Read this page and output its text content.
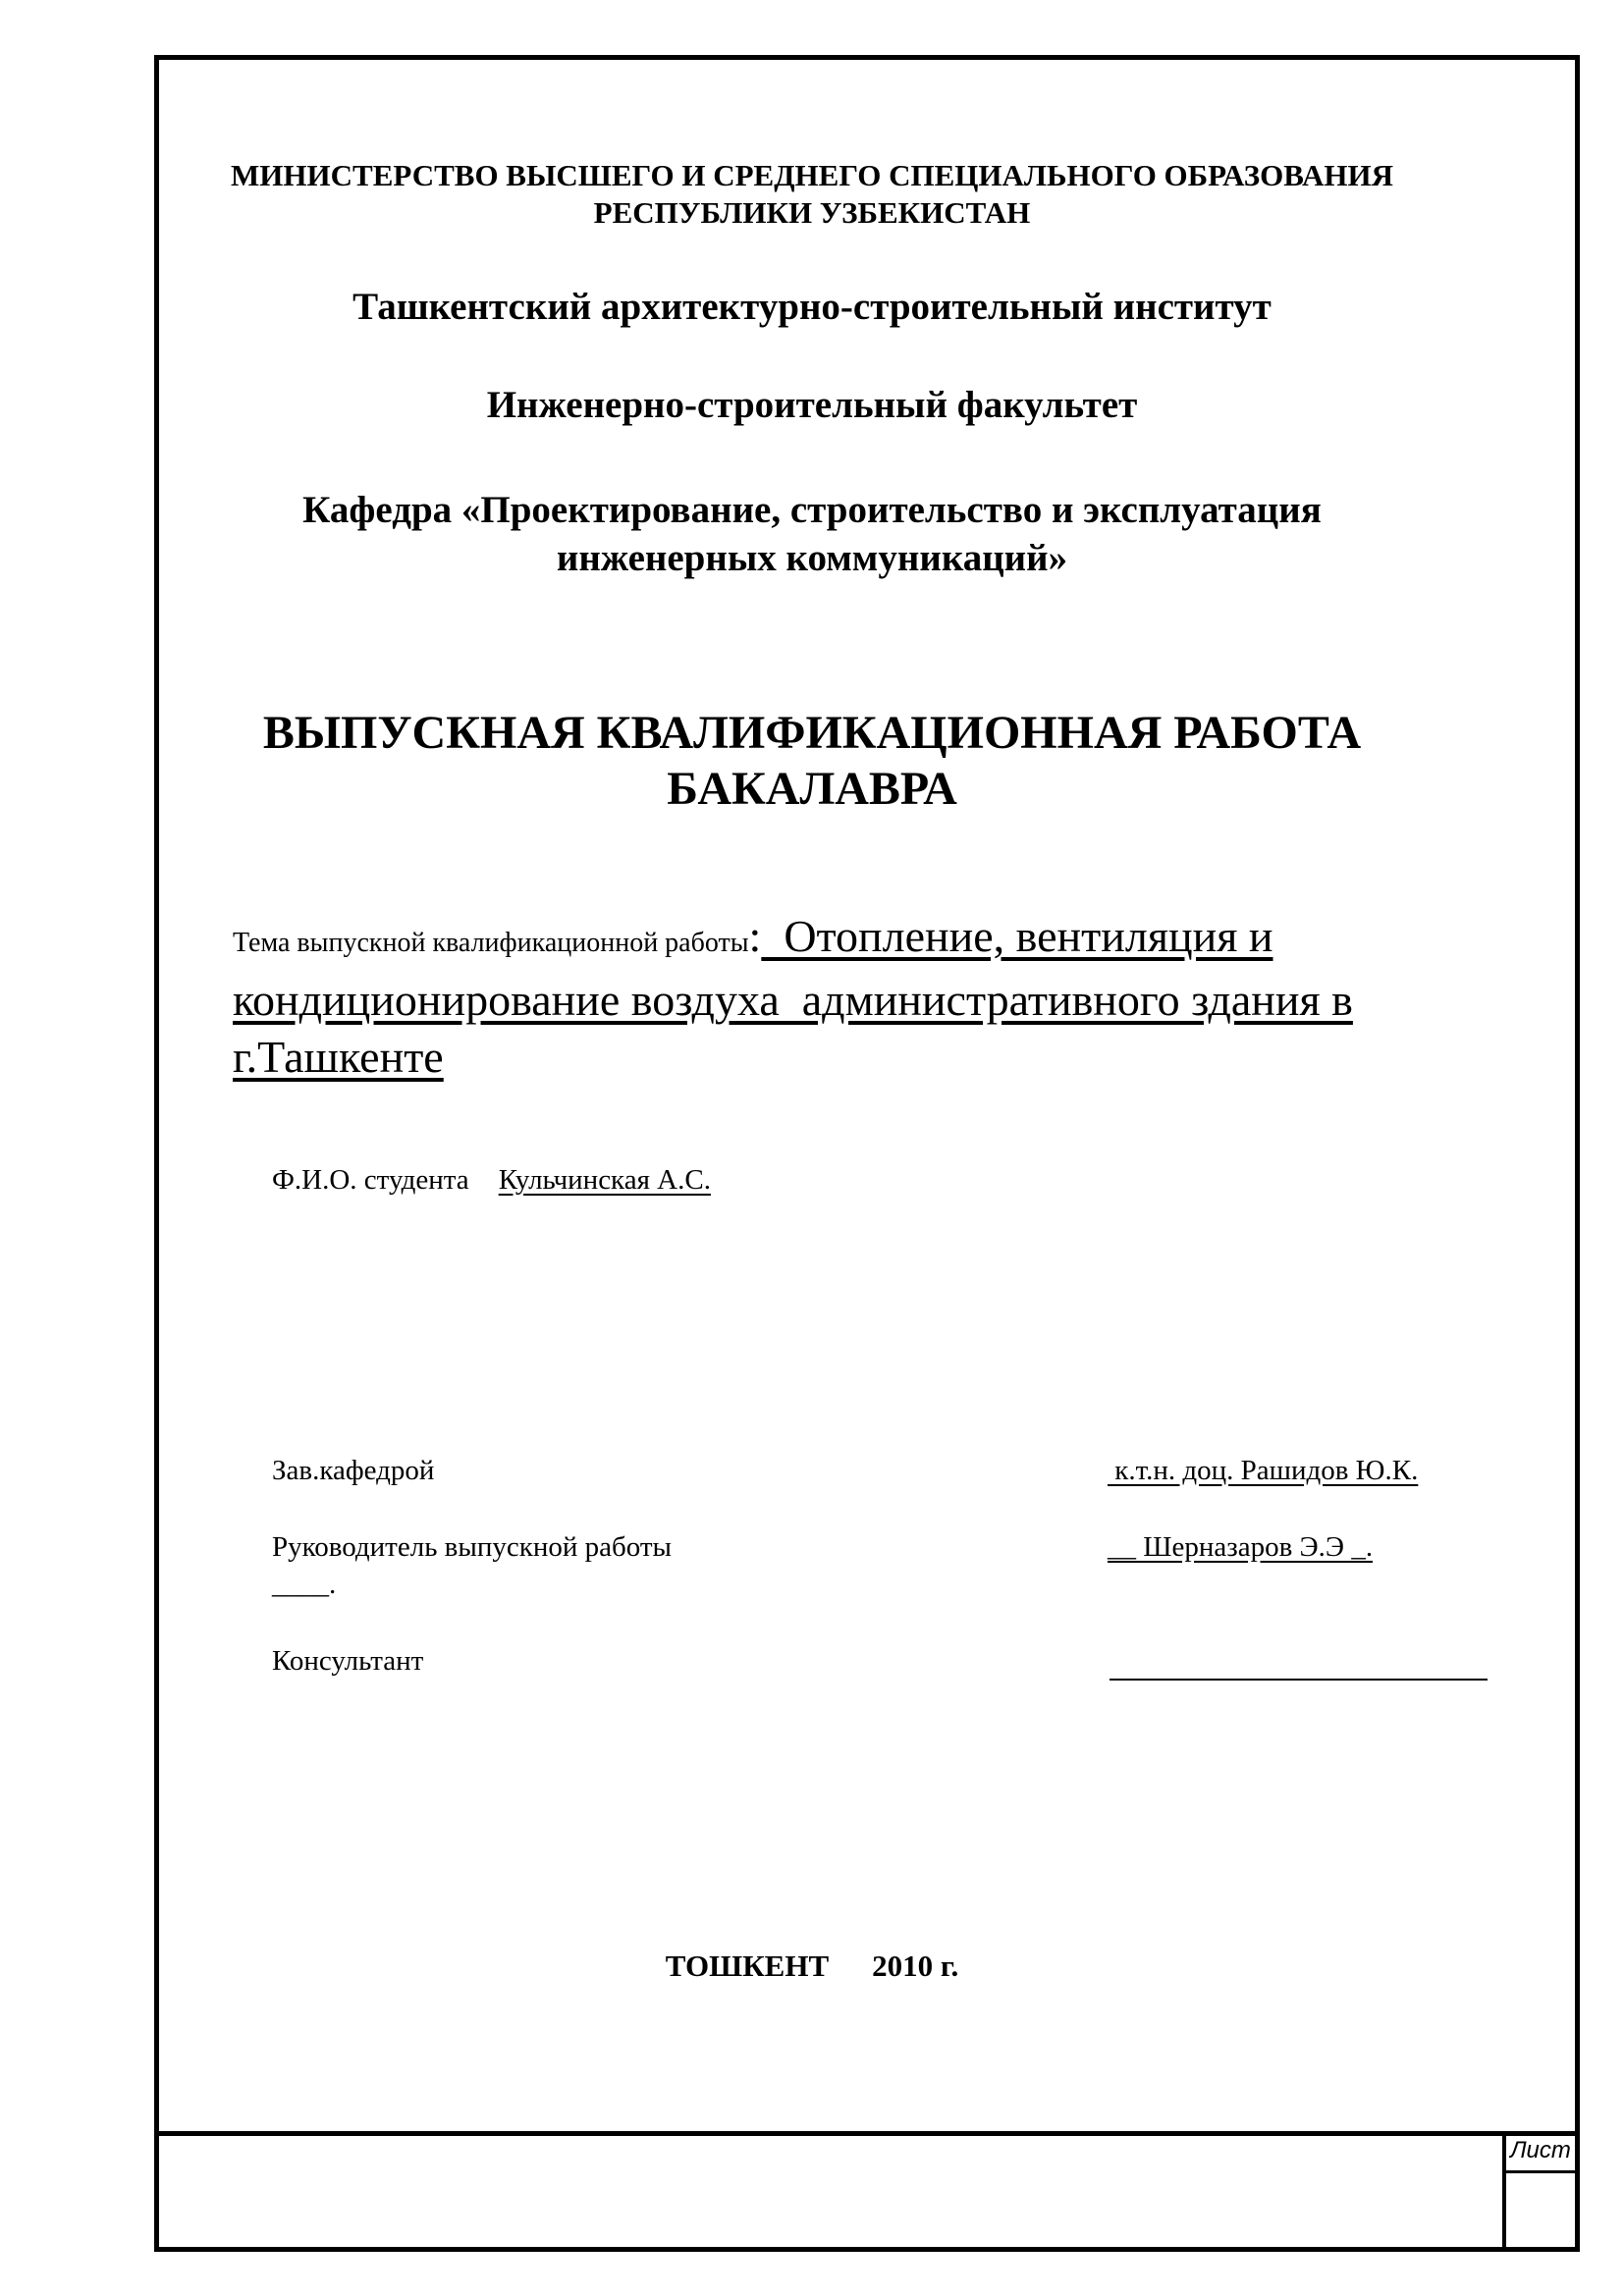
Лист
МИНИСТЕРСТВО ВЫСШЕГО И СРЕДНЕГО СПЕЦИАЛЬНОГО ОБРАЗОВАНИЯ
РЕСПУБЛИКИ УЗБЕКИСТАН
Ташкентский архитектурно-строительный институт
Инженерно-строительный факультет
Кафедра «Проектирование, строительство и эксплуатация
инженерных коммуникаций»
ВЫПУСКНАЯ КВАЛИФИКАЦИОННАЯ РАБОТА
БАКАЛАВРА
Тема выпускной квалификационной работы:  Отопление, вентиляция и
кондиционирование воздуха  административного здания в
г.Ташкенте
Ф.И.О. студента Кульчинская А.С.
Зав.кафедрой	к.т.н. доц. Рашидов Ю.К.
Руководитель выпускной работы	__ Шерназаров Э.Э _.
____.
Консультант
ТОШКЕНТ 2010 г.
